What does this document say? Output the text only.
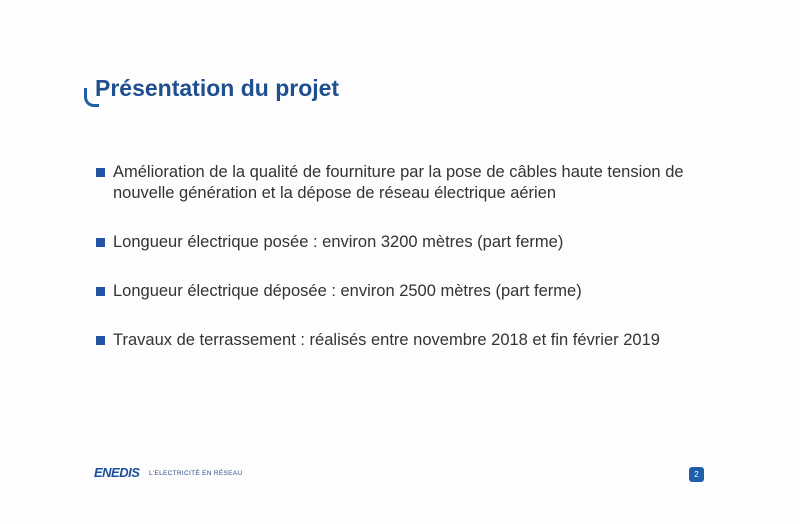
Présentation du projet
Amélioration de la qualité de fourniture par la pose de câbles haute tension de nouvelle génération et la dépose de réseau électrique aérien
Longueur électrique posée : environ 3200 mètres (part ferme)
Longueur électrique déposée : environ 2500 mètres (part ferme)
Travaux de terrassement : réalisés entre novembre 2018 et fin février 2019
ENEDIS L'ELECTRICITÉ EN RÉSEAU	2
